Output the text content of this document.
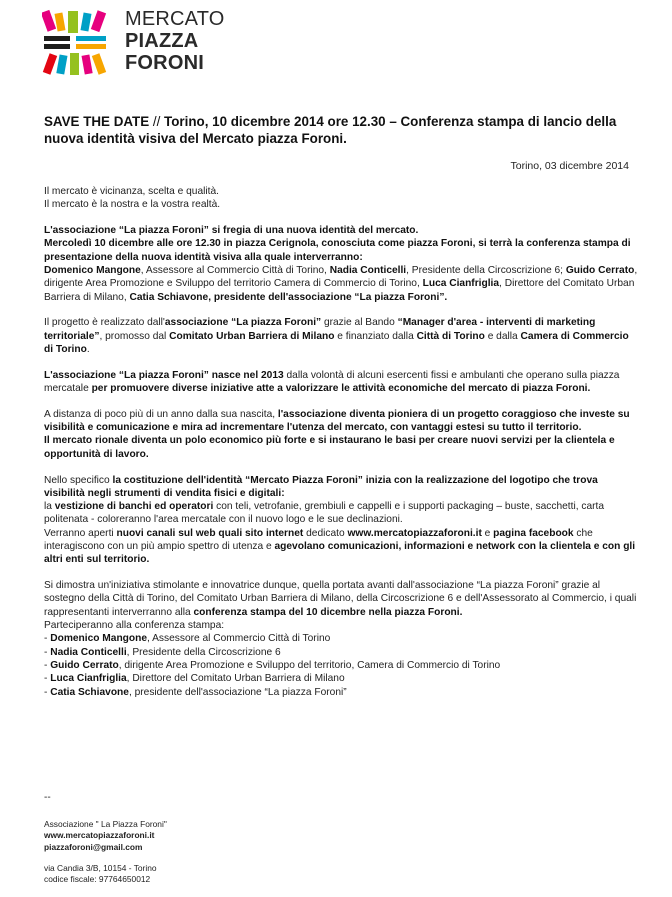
MERCATO
PIAZZA
FORONI
SAVE THE DATE // Torino, 10 dicembre 2014 ore 12.30 – Conferenza stampa di lancio della nuova identità visiva del Mercato piazza Foroni.
Torino, 03 dicembre 2014

Il mercato è vicinanza, scelta e qualità.
Il mercato è la nostra e la vostra realtà.

L'associazione “La piazza Foroni” si fregia di una nuova identità del mercato.
Mercoledì 10 dicembre alle ore 12.30 in piazza Cerignola, conosciuta come piazza Foroni, si terrà la conferenza stampa di presentazione della nuova identità visiva alla quale interverranno:
Domenico Mangone, Assessore al Commercio Città di Torino, Nadia Conticelli, Presidente della Circoscrizione 6; Guido Cerrato, dirigente Area Promozione e Sviluppo del territorio Camera di Commercio di Torino, Luca Cianfriglia, Direttore del Comitato Urban Barriera di Milano, Catia Schiavone, presidente dell'associazione “La piazza Foroni”.

Il progetto è realizzato dall'associazione “La piazza Foroni” grazie al Bando “Manager d'area - interventi di marketing territoriale”, promosso dal Comitato Urban Barriera di Milano e finanziato dalla Città di Torino e dalla Camera di Commercio di Torino.

L'associazione “La piazza Foroni” nasce nel 2013 dalla volontà di alcuni esercenti fissi e ambulanti che operano sulla piazza mercatale per promuovere diverse iniziative atte a valorizzare le attività economiche del mercato di piazza Foroni.

A distanza di poco più di un anno dalla sua nascita, l'associazione diventa pioniera di un progetto coraggioso che investe su visibilità e comunicazione e mira ad incrementare l'utenza del mercato, con vantaggi estesi su tutto il territorio.
Il mercato rionale diventa un polo economico più forte e si instaurano le basi per creare nuovi servizi per la clientela e opportunità di lavoro.

Nello specifico la costituzione dell'identità “Mercato Piazza Foroni” inizia con la realizzazione del logotipo che trova visibilità negli strumenti di vendita fisici e digitali:
la vestizione di banchi ed operatori con teli, vetrofanie, grembiuli e cappelli e i supporti packaging – buste, sacchetti, carta politenata - coloreranno l'area mercatale con il nuovo logo e le sue declinazioni.
Verranno aperti nuovi canali sul web quali sito internet dedicato www.mercatopiazzaforoni.it e pagina facebook che interagiscono con un più ampio spettro di utenza e agevolano comunicazioni, informazioni e network con la clientela e con gli altri enti sul territorio.

Si dimostra un'iniziativa stimolante e innovatrice dunque, quella portata avanti dall'associazione “La piazza Foroni” grazie al sostegno della Città di Torino, del Comitato Urban Barriera di Milano, della Circoscrizione 6 e dell'Assessorato al Commercio, i quali rappresentanti interverranno alla conferenza stampa del 10 dicembre nella piazza Foroni.
Parteciperanno alla conferenza stampa:
- Domenico Mangone, Assessore al Commercio Città di Torino
- Nadia Conticelli, Presidente della Circoscrizione 6
- Guido Cerrato, dirigente Area Promozione e Sviluppo del territorio, Camera di Commercio di Torino
- Luca Cianfriglia, Direttore del Comitato Urban Barriera di Milano
- Catia Schiavone, presidente dell'associazione “La piazza Foroni”

--
Associazione " La Piazza Foroni"
www.mercatopiazzaforoni.it
piazzaforoni@gmail.com
via Candia 3/B, 10154 - Torino
codice fiscale: 97764650012
